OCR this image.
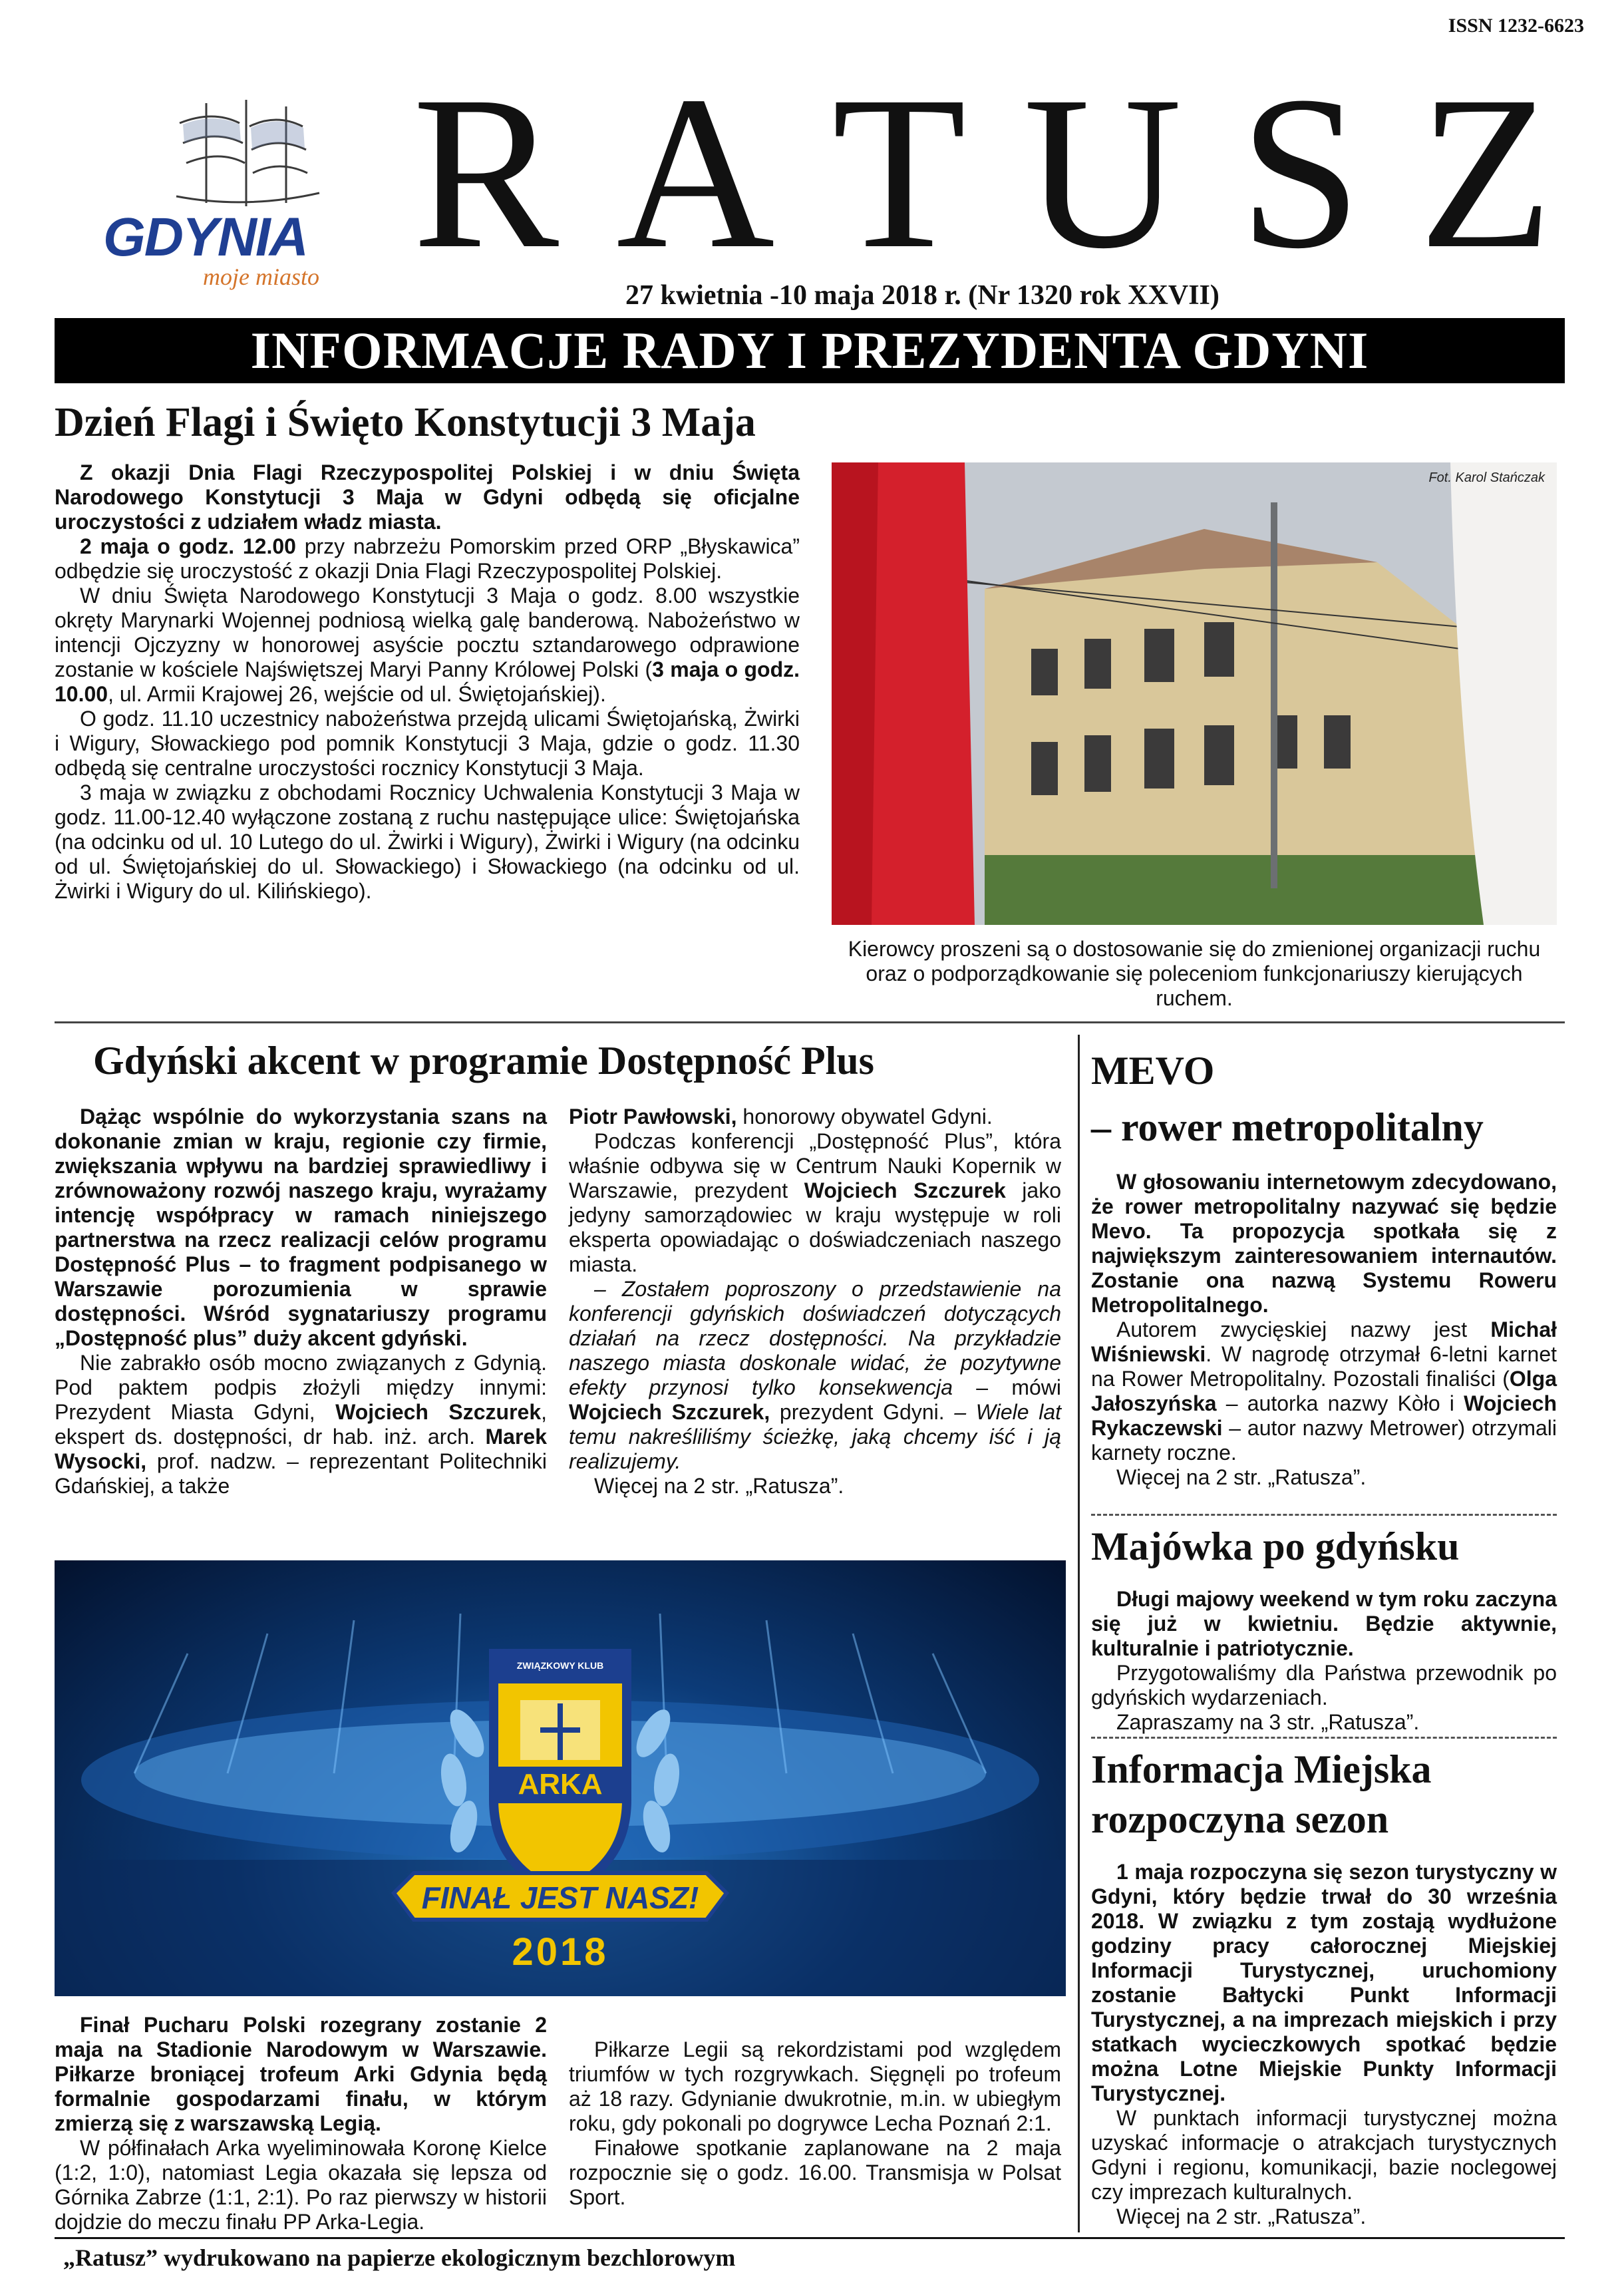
ISSN 1232-6623
GDYNIA
moje miasto R A T U S Z
27 kwietnia -10 maja 2018 r. (Nr 1320 rok XXVII)
INFORMACJE RADY I PREZYDENTA GDYNI
Dzień Flagi i Święto Konstytucji 3 Maja

Z okazji Dnia Flagi Rzeczypospolitej Polskiej i w dniu Święta Narodowego Konstytucji 3 Maja w Gdyni odbędą się oficjalne uroczystości z udziałem władz miasta.

2 maja o godz. 12.00 przy nabrzeżu Pomorskim przed ORP „Błyskawica” odbędzie się uroczystość z okazji Dnia Flagi Rzeczypospolitej Polskiej.

W dniu Święta Narodowego Konstytucji 3 Maja o godz. 8.00 wszystkie okręty Marynarki Wojennej podniosą wielką galę banderową. Nabożeństwo w intencji Ojczyzny w honorowej asyście pocztu sztandarowego odprawione zostanie w kościele Najświętszej Maryi Panny Królowej Polski (3 maja o godz. 10.00, ul. Armii Krajowej 26, wejście od ul. Świętojańskiej).

O godz. 11.10 uczestnicy nabożeństwa przejdą ulicami Świętojańską, Żwirki i Wigury, Słowackiego pod pomnik Konstytucji 3 Maja, gdzie o godz. 11.30 odbędą się centralne uroczystości rocznicy Konstytucji 3 Maja.

3 maja w związku z obchodami Rocznicy Uchwalenia Konstytucji 3 Maja w godz. 11.00-12.40 wyłączone zostaną z ruchu następujące ulice: Świętojańska (na odcinku od ul. 10 Lutego do ul. Żwirki i Wigury), Żwirki i Wigury (na odcinku od ul. Świętojańskiej do ul. Słowackiego) i Słowackiego (na odcinku od ul. Żwirki i Wigury do ul. Kilińskiego).

Fot. Karol Stańczak
Kierowcy proszeni są o dostosowanie się do zmienionej organizacji ruchu oraz o podporządkowanie się poleceniom funkcjonariuszy kierujących ruchem.
Gdyński akcent w programie Dostępność Plus

Dążąc wspólnie do wykorzystania szans na dokonanie zmian w kraju, regionie czy firmie, zwiększania wpływu na bardziej sprawiedliwy i zrównoważony rozwój naszego kraju, wyrażamy intencję współpracy w ramach niniejszego partnerstwa na rzecz realizacji celów programu Dostępność Plus – to fragment podpisanego w Warszawie porozumienia w sprawie dostępności. Wśród sygnatariuszy programu „Dostępność plus” duży akcent gdyński.

Nie zabrakło osób mocno związanych z Gdynią. Pod paktem podpis złożyli między innymi: Prezydent Miasta Gdyni, Wojciech Szczurek, ekspert ds. dostępności, dr hab. inż. arch. Marek Wysocki, prof. nadzw. – reprezentant Politechniki Gdańskiej, a także

Piotr Pawłowski, honorowy obywatel Gdyni.

Podczas konferencji „Dostępność Plus”, która właśnie odbywa się w Centrum Nauki Kopernik w Warszawie, prezydent Wojciech Szczurek jako jedyny samorządowiec w kraju występuje w roli eksperta opowiadając o doświadczeniach naszego miasta.

– Zostałem poproszony o przedstawienie na konferencji gdyńskich doświadczeń dotyczących działań na rzecz dostępności. Na przykładzie naszego miasta doskonale widać, że pozytywne efekty przynosi tylko konsekwencja – mówi Wojciech Szczurek, prezydent Gdyni. – Wiele lat temu nakreśliliśmy ścieżkę, jaką chcemy iść i ją realizujemy.

Więcej na 2 str. „Ratusza”.

ZWIĄZKOWY KLUB
ARKA
FINAŁ JEST NASZ!
2018

Finał Pucharu Polski rozegrany zostanie 2 maja na Stadionie Narodowym w Warszawie. Piłkarze broniącej trofeum Arki Gdynia będą formalnie gospodarzami finału, w którym zmierzą się z warszawską Legią.

W półfinałach Arka wyeliminowała Koronę Kielce (1:2, 1:0), natomiast Legia okazała się lepsza od Górnika Zabrze (1:1, 2:1). Po raz pierwszy w historii dojdzie do meczu finału PP Arka-Legia.

Piłkarze Legii są rekordzistami pod względem triumfów w tych rozgrywkach. Sięgnęli po trofeum aż 18 razy. Gdynianie dwukrotnie, m.in. w ubiegłym roku, gdy pokonali po dogrywce Lecha Poznań 2:1.

Finałowe spotkanie zaplanowane na 2 maja rozpocznie się o godz. 16.00. Transmisja w Polsat Sport.

MEVO
– rower metropolitalny

W głosowaniu internetowym zdecydowano, że rower metropolitalny nazywać się będzie Mevo. Ta propozycja spotkała się z największym zainteresowaniem internautów. Zostanie ona nazwą Systemu Roweru Metropolitalnego.

Autorem zwycięskiej nazwy jest Michał Wiśniewski. W nagrodę otrzymał 6-letni karnet na Rower Metropolitalny. Pozostali finaliści (Olga Jałoszyńska – autorka nazwy Kòło i Wojciech Rykaczewski – autor nazwy Metrower) otrzymali karnety roczne.

Więcej na 2 str. „Ratusza”.

Majówka po gdyńsku

Długi majowy weekend w tym roku zaczyna się już w kwietniu. Będzie aktywnie, kulturalnie i patriotycznie.

Przygotowaliśmy dla Państwa przewodnik po gdyńskich wydarzeniach.

Zapraszamy na 3 str. „Ratusza”.

Informacja Miejska
rozpoczyna sezon

1 maja rozpoczyna się sezon turystyczny w Gdyni, który będzie trwał do 30 września 2018. W związku z tym zostają wydłużone godziny pracy całorocznej Miejskiej Informacji Turystycznej, uruchomiony zostanie Bałtycki Punkt Informacji Turystycznej, a na imprezach miejskich i przy statkach wycieczkowych spotkać będzie można Lotne Miejskie Punkty Informacji Turystycznej.

W punktach informacji turystycznej można uzyskać informacje o atrakcjach turystycznych Gdyni i regionu, komunikacji, bazie noclegowej czy imprezach kulturalnych.

Więcej na 2 str. „Ratusza”.

„Ratusz” wydrukowano na papierze ekologicznym bezchlorowym
